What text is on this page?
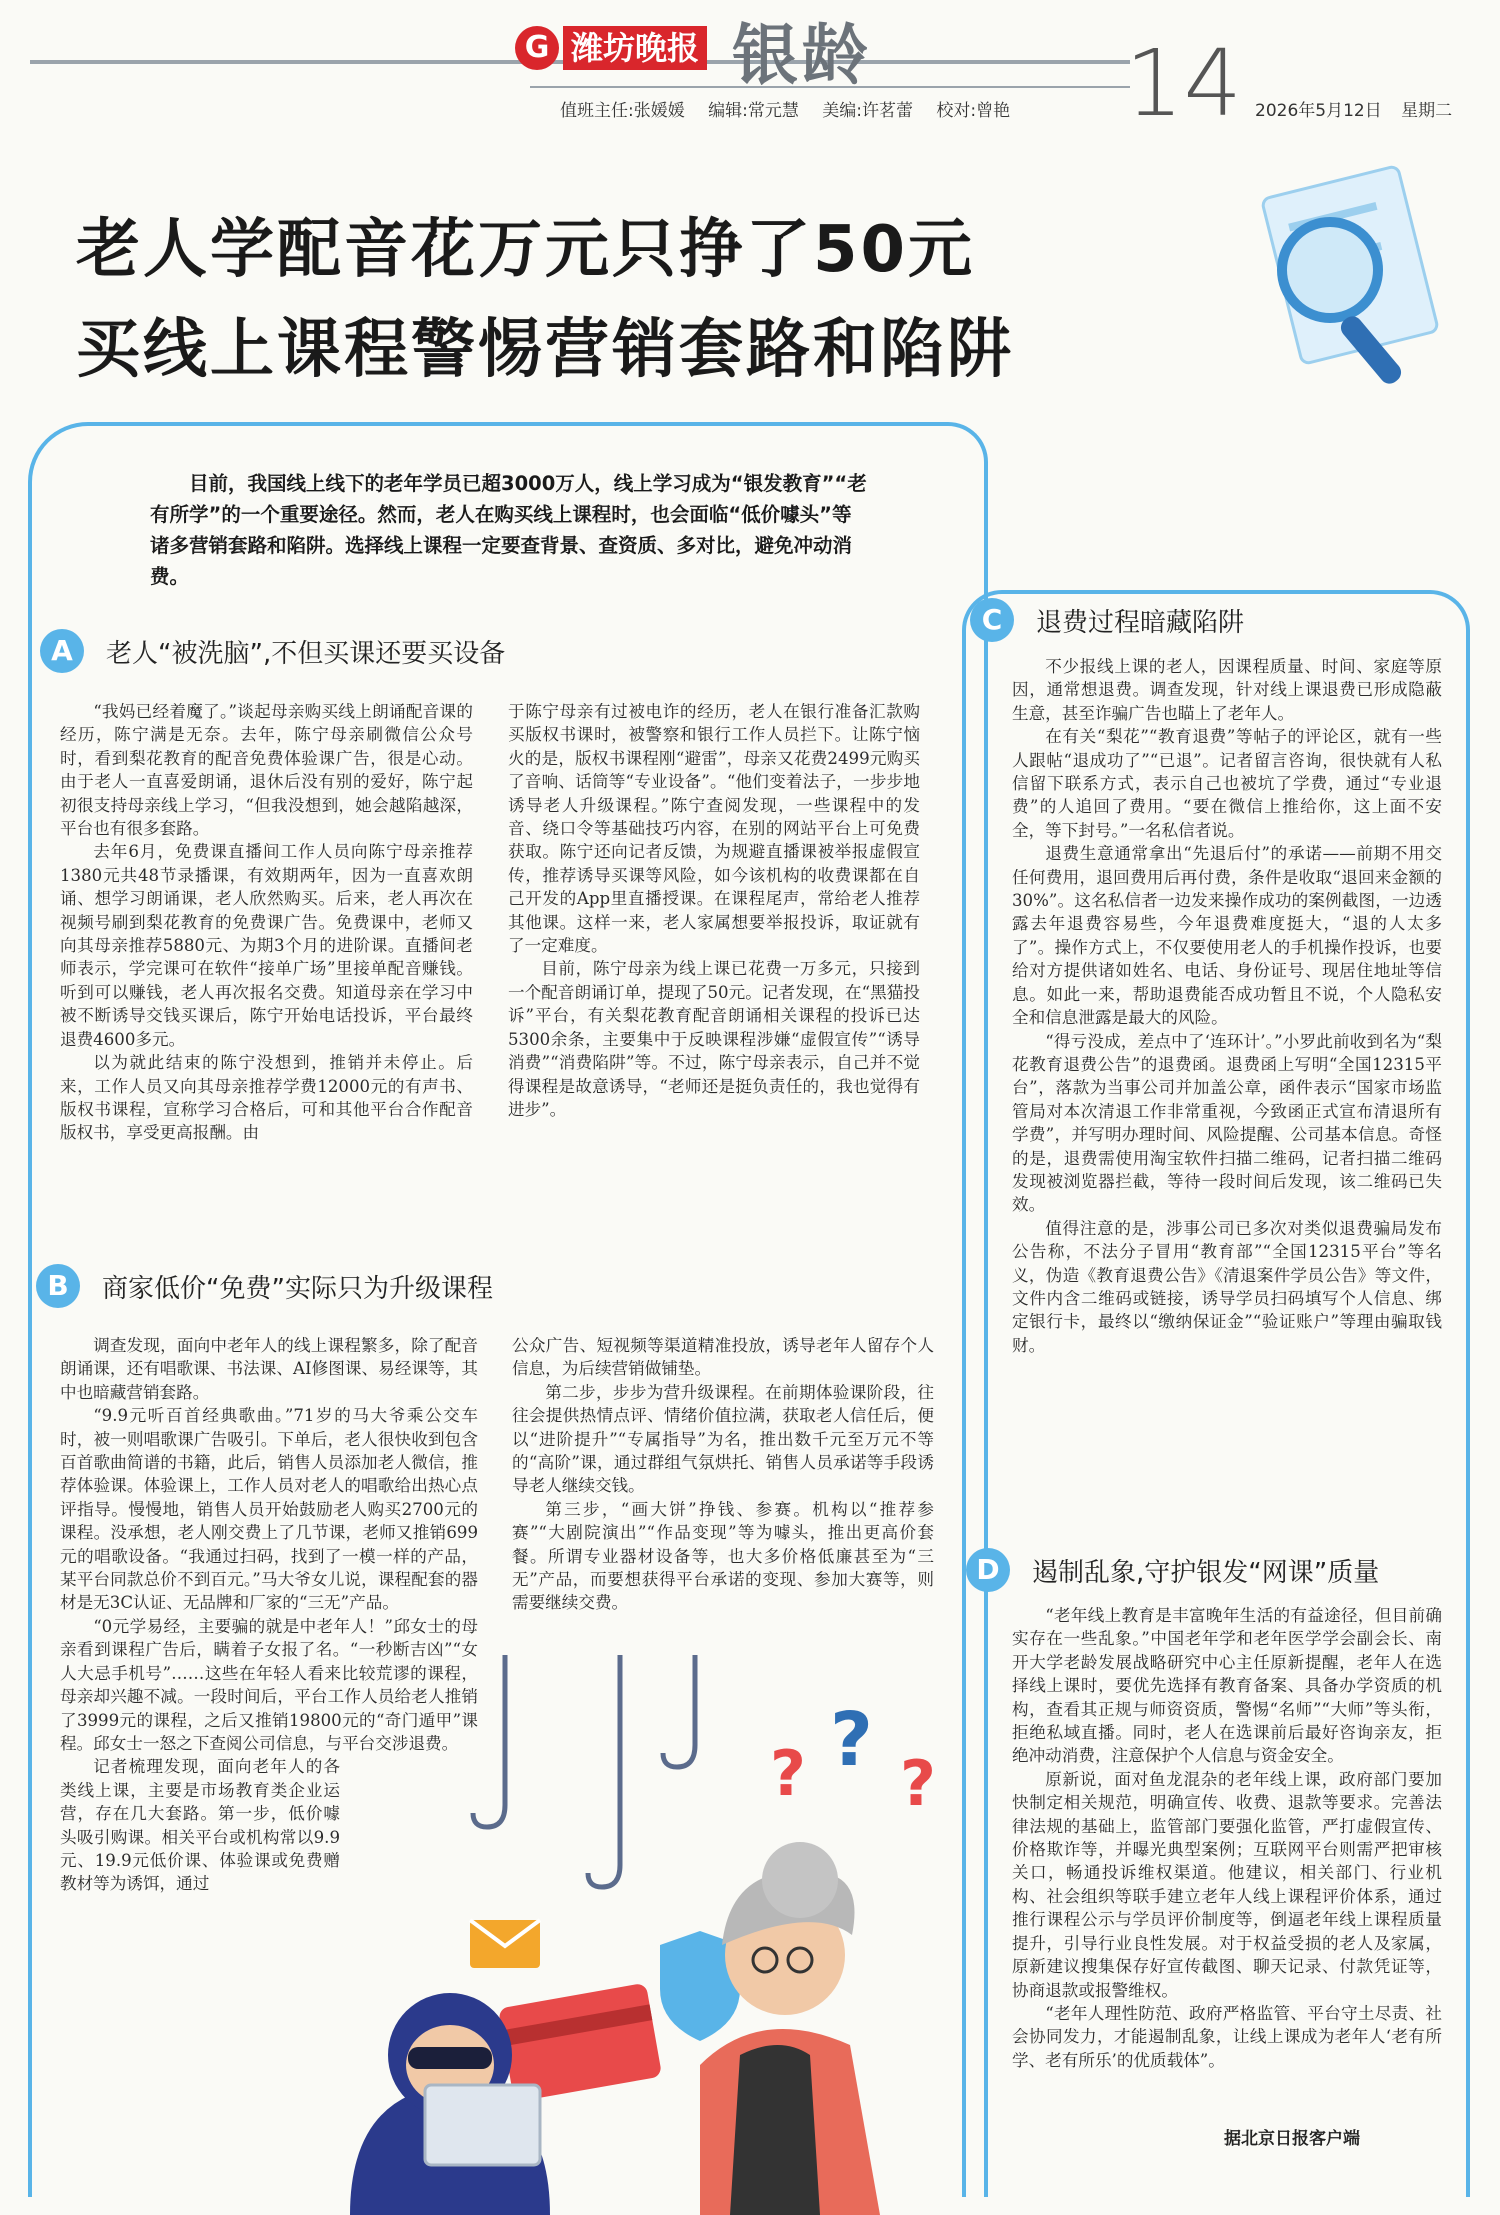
G 潍坊晚报 银龄
值班主任:张媛媛 编辑:常元慧 美编:许茗蕾 校对:曾艳 14 2026年5月12日 星期二
老人学配音花万元只挣了50元
买线上课程警惕营销套路和陷阱
目前，我国线上线下的老年学员已超3000万人，线上学习成为“银发教育”“老有所学”的一个重要途径。然而，老人在购买线上课程时，也会面临“低价噱头”等诸多营销套路和陷阱。选择线上课程一定要查背景、查资质、多对比，避免冲动消费。
A	老人“被洗脑”,不但买课还要买设备

“我妈已经着魔了。”谈起母亲购买线上朗诵配音课的经历，陈宁满是无奈。去年，陈宁母亲刷微信公众号时，看到梨花教育的配音免费体验课广告，很是心动。由于老人一直喜爱朗诵，退休后没有别的爱好，陈宁起初很支持母亲线上学习，“但我没想到，她会越陷越深，平台也有很多套路。

去年6月，免费课直播间工作人员向陈宁母亲推荐1380元共48节录播课，有效期两年，因为一直喜欢朗诵、想学习朗诵课，老人欣然购买。后来，老人再次在视频号刷到梨花教育的免费课广告。免费课中，老师又向其母亲推荐5880元、为期3个月的进阶课。直播间老师表示，学完课可在软件“接单广场”里接单配音赚钱。听到可以赚钱，老人再次报名交费。知道母亲在学习中被不断诱导交钱买课后，陈宁开始电话投诉，平台最终退费4600多元。

以为就此结束的陈宁没想到，推销并未停止。后来，工作人员又向其母亲推荐学费12000元的有声书、版权书课程，宣称学习合格后，可和其他平台合作配音版权书，享受更高报酬。由

于陈宁母亲有过被电诈的经历，老人在银行准备汇款购买版权书课时，被警察和银行工作人员拦下。让陈宁恼火的是，版权书课程刚“避雷”，母亲又花费2499元购买了音响、话筒等“专业设备”。“他们变着法子，一步步地诱导老人升级课程。”陈宁查阅发现，一些课程中的发音、绕口令等基础技巧内容，在别的网站平台上可免费获取。陈宁还向记者反馈，为规避直播课被举报虚假宣传，推荐诱导买课等风险，如今该机构的收费课都在自己开发的App里直播授课。在课程尾声，常给老人推荐其他课。这样一来，老人家属想要举报投诉，取证就有了一定难度。

目前，陈宁母亲为线上课已花费一万多元，只接到一个配音朗诵订单，提现了50元。记者发现，在“黑猫投诉”平台，有关梨花教育配音朗诵相关课程的投诉已达5300余条，主要集中于反映课程涉嫌“虚假宣传”“诱导消费”“消费陷阱”等。不过，陈宁母亲表示，自己并不觉得课程是故意诱导，“老师还是挺负责任的，我也觉得有进步”。

B	商家低价“免费”实际只为升级课程

调查发现，面向中老年人的线上课程繁多，除了配音朗诵课，还有唱歌课、书法课、AI修图课、易经课等，其中也暗藏营销套路。

“9.9元听百首经典歌曲。”71岁的马大爷乘公交车时，被一则唱歌课广告吸引。下单后，老人很快收到包含百首歌曲简谱的书籍，此后，销售人员添加老人微信，推荐体验课。体验课上，工作人员对老人的唱歌给出热心点评指导。慢慢地，销售人员开始鼓励老人购买2700元的课程。没承想，老人刚交费上了几节课，老师又推销699元的唱歌设备。“我通过扫码，找到了一模一样的产品，某平台同款总价不到百元。”马大爷女儿说，课程配套的器材是无3C认证、无品牌和厂家的“三无”产品。

“0元学易经，主要骗的就是中老年人！”邱女士的母亲看到课程广告后，瞒着子女报了名。“一秒断吉凶”“女人大忌手机号”……这些在年轻人看来比较荒谬的课程，母亲却兴趣不减。一段时间后，平台工作人员给老人推销了3999元的课程，之后又推销19800元的“奇门遁甲”课程。邱女士一怒之下查阅公司信息，与平台交涉退费。

记者梳理发现，面向老年人的各类线上课，主要是市场教育类企业运营，存在几大套路。第一步，低价噱头吸引购课。相关平台或机构常以9.9元、19.9元低价课、体验课或免费赠教材等为诱饵，通过

公众广告、短视频等渠道精准投放，诱导老年人留存个人信息，为后续营销做铺垫。

第二步，步步为营升级课程。在前期体验课阶段，往往会提供热情点评、情绪价值拉满，获取老人信任后，便以“进阶提升”“专属指导”为名，推出数千元至万元不等的“高阶”课，通过群组气氛烘托、销售人员承诺等手段诱导老人继续交钱。

第三步，“画大饼”挣钱、参赛。机构以“推荐参赛”“大剧院演出”“作品变现”等为噱头，推出更高价套餐。所谓专业器材设备等，也大多价格低廉甚至为“三无”产品，而要想获得平台承诺的变现、参加大赛等，则需要继续交费。

C	退费过程暗藏陷阱

不少报线上课的老人，因课程质量、时间、家庭等原因，通常想退费。调查发现，针对线上课退费已形成隐蔽生意，甚至诈骗广告也瞄上了老年人。

在有关“梨花”“教育退费”等帖子的评论区，就有一些人跟帖“退成功了”“已退”。记者留言咨询，很快就有人私信留下联系方式，表示自己也被坑了学费，通过“专业退费”的人追回了费用。“要在微信上推给你，这上面不安全，等下封号。”一名私信者说。

退费生意通常拿出“先退后付”的承诺——前期不用交任何费用，退回费用后再付费，条件是收取“退回来金额的30%”。这名私信者一边发来操作成功的案例截图，一边透露去年退费容易些，今年退费难度挺大，“退的人太多了”。操作方式上，不仅要使用老人的手机操作投诉，也要给对方提供诸如姓名、电话、身份证号、现居住地址等信息。如此一来，帮助退费能否成功暂且不说，个人隐私安全和信息泄露是最大的风险。

“得亏没成，差点中了‘连环计’。”小罗此前收到名为“梨花教育退费公告”的退费函。退费函上写明“全国12315平台”，落款为当事公司并加盖公章，函件表示“国家市场监管局对本次清退工作非常重视，今致函正式宣布清退所有学费”，并写明办理时间、风险提醒、公司基本信息。奇怪的是，退费需使用淘宝软件扫描二维码，记者扫描二维码发现被浏览器拦截，等待一段时间后发现，该二维码已失效。

值得注意的是，涉事公司已多次对类似退费骗局发布公告称，不法分子冒用“教育部”“全国12315平台”等名义，伪造《教育退费公告》《清退案件学员公告》等文件，文件内含二维码或链接，诱导学员扫码填写个人信息、绑定银行卡，最终以“缴纳保证金”“验证账户”等理由骗取钱财。

D	遏制乱象,守护银发“网课”质量

“老年线上教育是丰富晚年生活的有益途径，但目前确实存在一些乱象。”中国老年学和老年医学学会副会长、南开大学老龄发展战略研究中心主任原新提醒，老年人在选择线上课时，要优先选择有教育备案、具备办学资质的机构，查看其正规与师资资质，警惕“名师”“大师”等头衔，拒绝私域直播。同时，老人在选课前后最好咨询亲友，拒绝冲动消费，注意保护个人信息与资金安全。

原新说，面对鱼龙混杂的老年线上课，政府部门要加快制定相关规范，明确宣传、收费、退款等要求。完善法律法规的基础上，监管部门要强化监管，严打虚假宣传、价格欺诈等，并曝光典型案例；互联网平台则需严把审核关口，畅通投诉维权渠道。他建议，相关部门、行业机构、社会组织等联手建立老年人线上课程评价体系，通过推行课程公示与学员评价制度等，倒逼老年线上课程质量提升，引导行业良性发展。对于权益受损的老人及家属，原新建议搜集保存好宣传截图、聊天记录、付款凭证等，协商退款或报警维权。

“老年人理性防范、政府严格监管、平台守土尽责、社会协同发力，才能遏制乱象，让线上课成为老年人‘老有所学、老有所乐’的优质载体”。

据北京日报客户端
? ?
?
